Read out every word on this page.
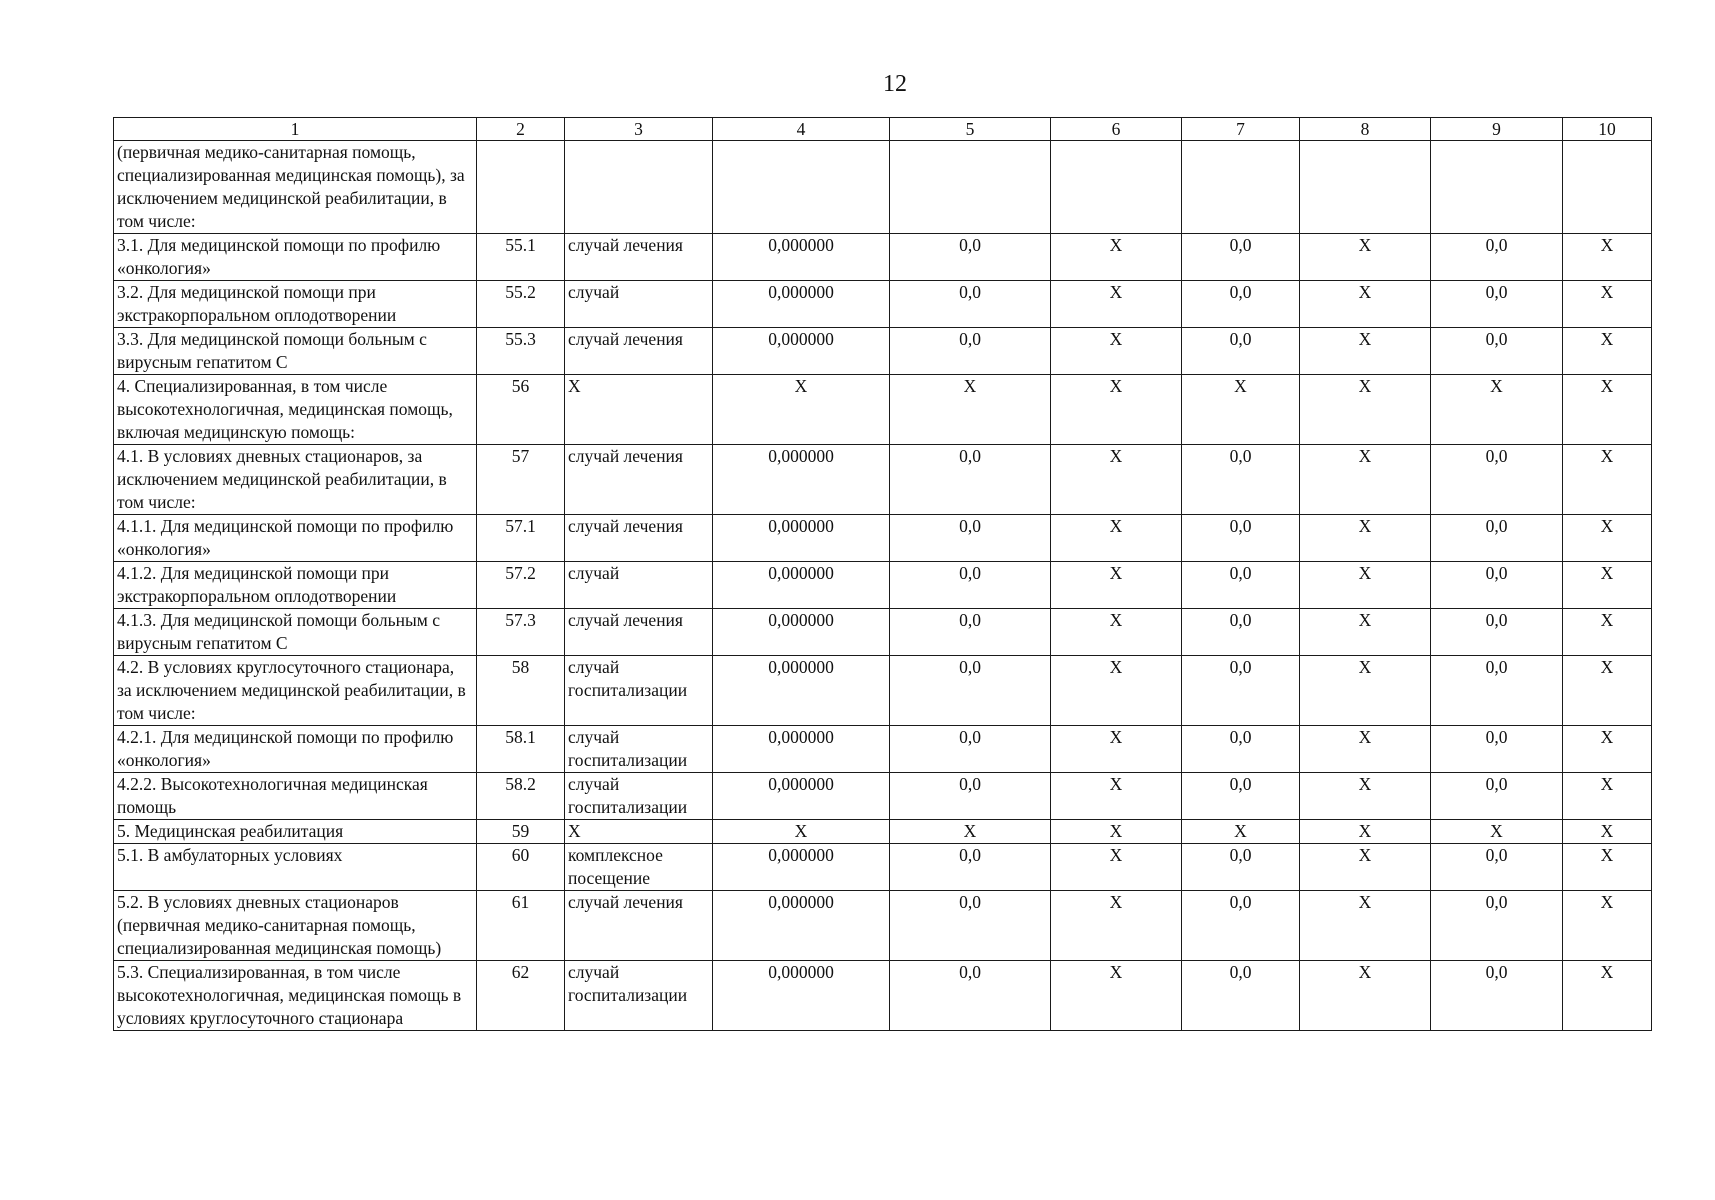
12
1	2	3	4	5	6	7	8	9	10
(первичная медико-санитарная помощь, специализированная медицинская помощь), за исключением медицинской реабилитации, в том числе:									
3.1. Для медицинской помощи по профилю «онкология»	55.1	случай лечения	0,000000	0,0	X	0,0	X	0,0	X
3.2. Для медицинской помощи при экстракорпоральном оплодотворении	55.2	случай	0,000000	0,0	X	0,0	X	0,0	X
3.3. Для медицинской помощи больным с вирусным гепатитом С	55.3	случай лечения	0,000000	0,0	X	0,0	X	0,0	X
4. Специализированная, в том числе высокотехнологичная, медицинская помощь, включая медицинскую помощь:	56	X	X	X	X	X	X	X	X
4.1. В условиях дневных стационаров, за исключением медицинской реабилитации, в том числе:	57	случай лечения	0,000000	0,0	X	0,0	X	0,0	X
4.1.1. Для медицинской помощи по профилю «онкология»	57.1	случай лечения	0,000000	0,0	X	0,0	X	0,0	X
4.1.2. Для медицинской помощи при экстракорпоральном оплодотворении	57.2	случай	0,000000	0,0	X	0,0	X	0,0	X
4.1.3. Для медицинской помощи больным с вирусным гепатитом С	57.3	случай лечения	0,000000	0,0	X	0,0	X	0,0	X
4.2. В условиях круглосуточного стационара, за исключением медицинской реабилитации, в том числе:	58	случай госпитализации	0,000000	0,0	X	0,0	X	0,0	X
4.2.1. Для медицинской помощи по профилю «онкология»	58.1	случай госпитализации	0,000000	0,0	X	0,0	X	0,0	X
4.2.2. Высокотехнологичная медицинская помощь	58.2	случай госпитализации	0,000000	0,0	X	0,0	X	0,0	X
5. Медицинская реабилитация	59	X	X	X	X	X	X	X	X
5.1. В амбулаторных условиях	60	комплексное посещение	0,000000	0,0	X	0,0	X	0,0	X
5.2. В условиях дневных стационаров (первичная медико-санитарная помощь, специализированная медицинская помощь)	61	случай лечения	0,000000	0,0	X	0,0	X	0,0	X
5.3. Специализированная, в том числе высокотехнологичная, медицинская помощь в условиях круглосуточного стационара	62	случай госпитализации	0,000000	0,0	X	0,0	X	0,0	X
